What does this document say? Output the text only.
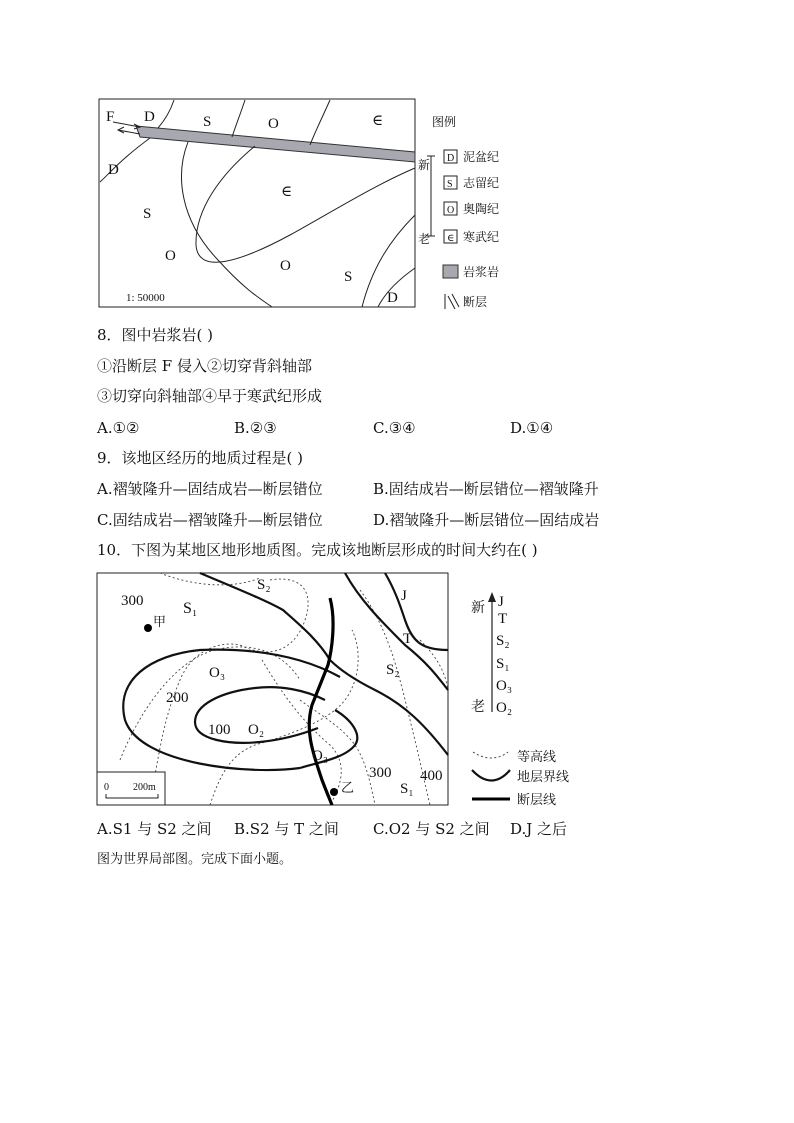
F D	S	O	∈
D
S
∈
O
O
S
D
1: 50000
图例
新
老
D 泥盆纪
S 志留纪
O 奥陶纪
∈ 寒武纪
岩浆岩
断层
8．图中岩浆岩( )
①沿断层 F 侵入②切穿背斜轴部
③切穿向斜轴部④早于寒武纪形成
A.①②	B.②③	C.③④	D.①④
9．该地区经历的地质过程是( )
A.褶皱隆升—固结成岩—断层错位	B.固结成岩—断层错位—褶皱隆升
C.固结成岩—褶皱隆升—断层错位	D.褶皱隆升—断层错位—固结成岩
10．下图为某地区地形地质图。完成该地断层形成的时间大约在( )
300 S₁
甲
S₂
J
T
O₃
200
S₂
100 O₂
O₃
300 400
S₁
乙
0 200m
新
老
J
T
S₂
S₁
O₃
O₂
等高线
地层界线
断层线
A.S1 与 S2 之间 B.S2 与 T 之间 C.O2 与 S2 之间 D.J 之后
图为世界局部图。完成下面小题。
